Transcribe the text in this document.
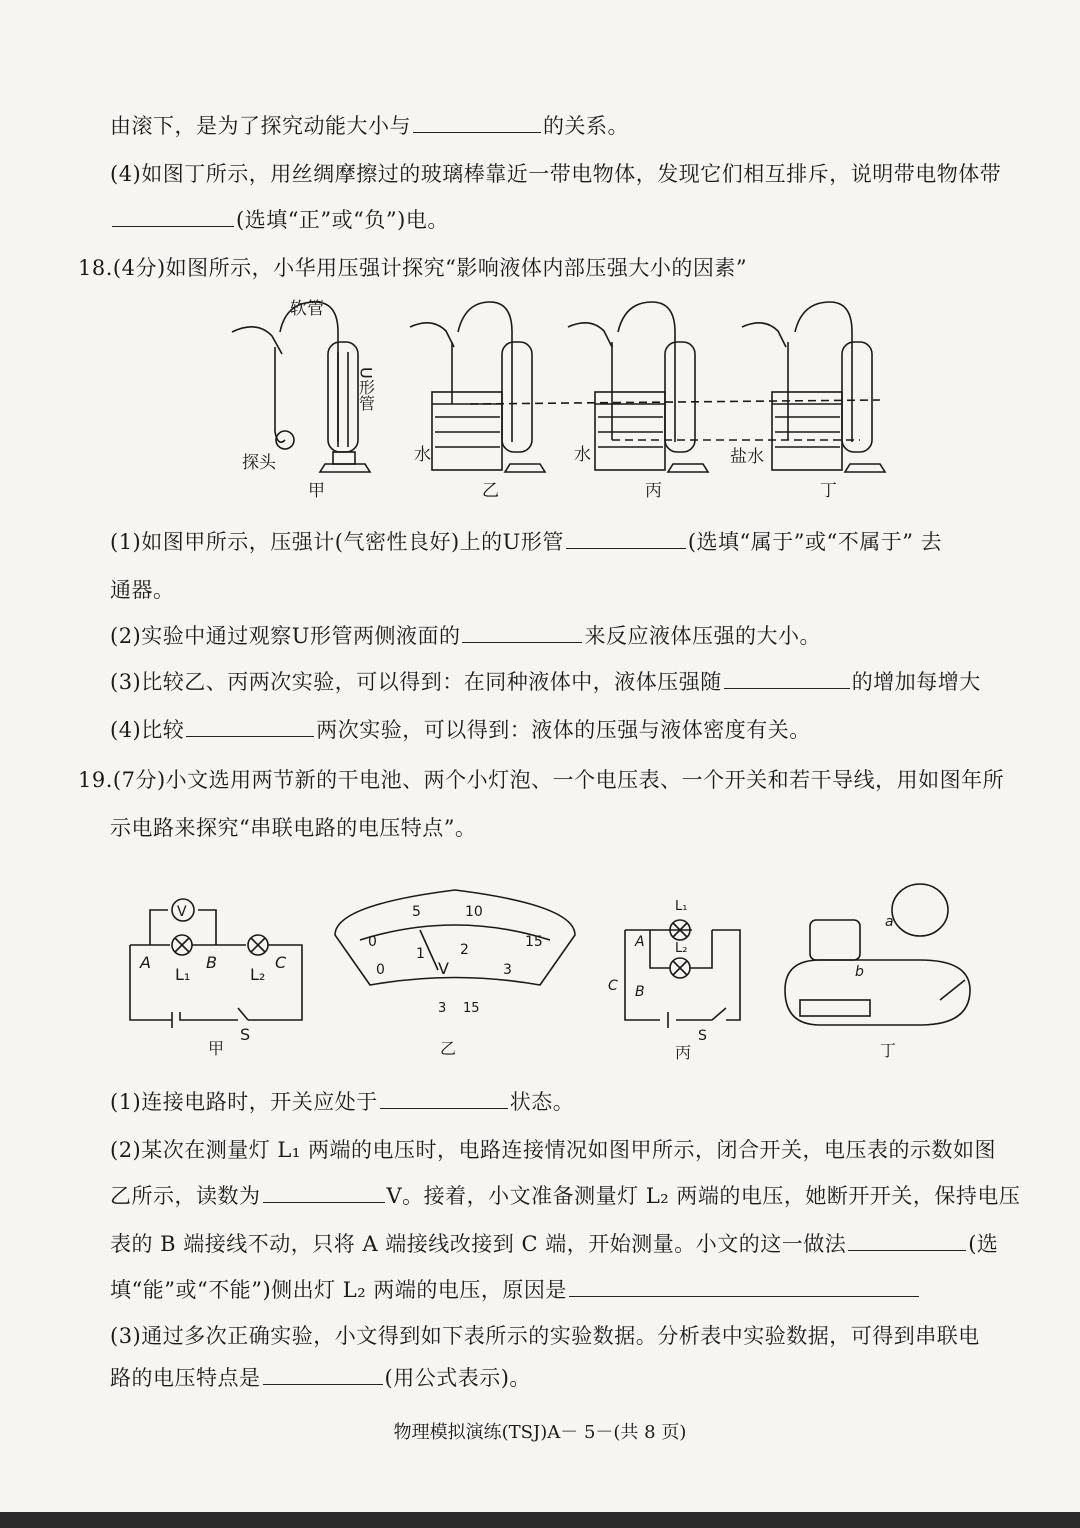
由滚下，是为了探究动能大小与	的关系。
(4)如图丁所示，用丝绸摩擦过的玻璃棒靠近一带电物体，发现它们相互排斥，说明带电物体带
(选填“正”或“负”)电。
18.(4分)如图所示，小华用压强计探究“影响液体内部压强大小的因素”
软管
U形管
探头	水	水	盐水
甲	乙	丙	丁
(1)如图甲所示，压强计(气密性良好)上的U形管	(选填“属于”或“不属于” 去
通器。
(2)实验中通过观察U形管两侧液面的	来反应液体压强的大小。
(3)比较乙、丙两次实验，可以得到：在同种液体中，液体压强随	的增加每增大
(4)比较	两次实验，可以得到：液体的压强与液体密度有关。
19.(7分)小文选用两节新的干电池、两个小灯泡、一个电压表、一个开关和若干导线，用如图年所
示电路来探究“串联电路的电压特点”。
V
A	B	C
L₁	L₂
S
甲
5	10
15
0
0
1	2
3
V
3 15
乙
L₁
L₂
A
B
C
S
丙
a
b
丁
(1)连接电路时，开关应处于	状态。
(2)某次在测量灯 L₁ 两端的电压时，电路连接情况如图甲所示，闭合开关，电压表的示数如图
乙所示，读数为	V。接着，小文准备测量灯 L₂ 两端的电压，她断开开关，保持电压
表的 B 端接线不动，只将 A 端接线改接到 C 端，开始测量。小文的这一做法	(选
填“能”或“不能”)侧出灯 L₂ 两端的电压，原因是
(3)通过多次正确实验，小文得到如下表所示的实验数据。分析表中实验数据，可得到串联电
路的电压特点是	(用公式表示)。
物理模拟演练(TSJ)A－ 5－(共 8 页)
